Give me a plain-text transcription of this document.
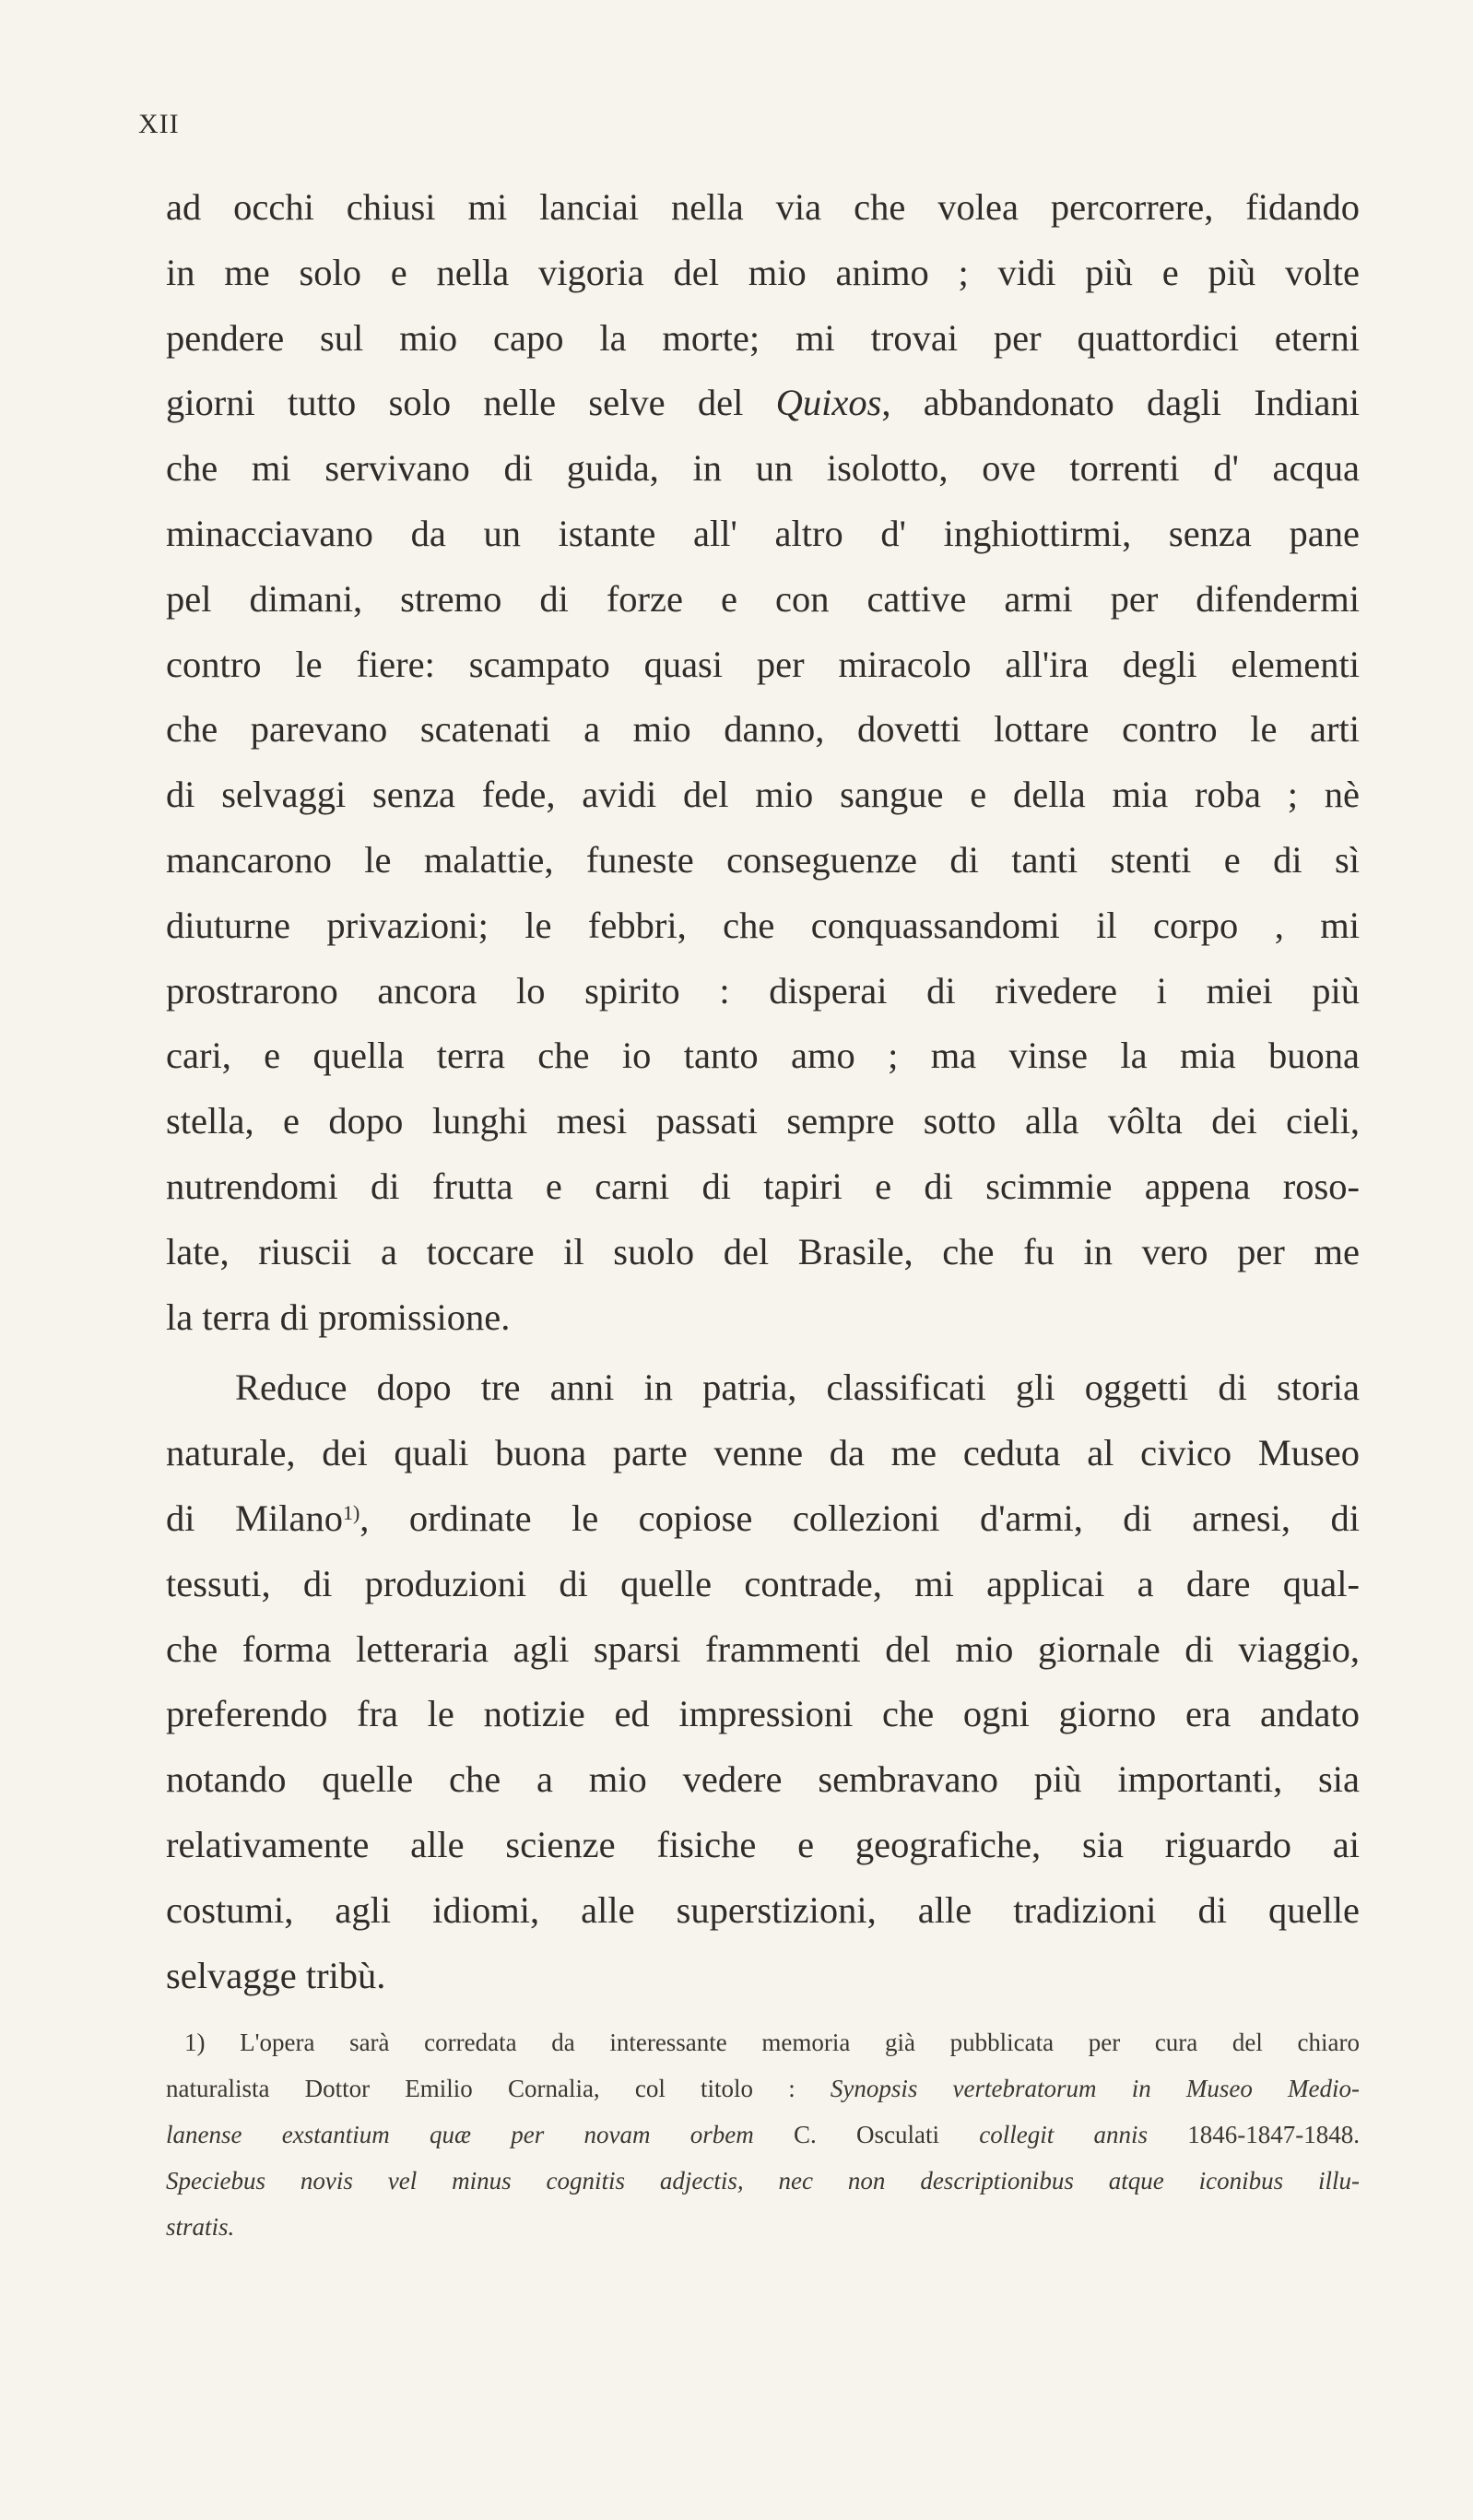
XII

ad occhi chiusi mi lanciai nella via che volea percorrere, fidando
in me solo e nella vigoria del mio animo ; vidi più e più volte
pendere sul mio capo la morte; mi trovai per quattordici eterni
giorni tutto solo nelle selve del Quixos, abbandonato dagli Indiani
che mi servivano di guida, in un isolotto, ove torrenti d' acqua
minacciavano da un istante all' altro d' inghiottirmi, senza pane
pel dimani, stremo di forze e con cattive armi per difendermi
contro le fiere: scampato quasi per miracolo all'ira degli elementi
che parevano scatenati a mio danno, dovetti lottare contro le arti
di selvaggi senza fede, avidi del mio sangue e della mia roba ; nè
mancarono le malattie, funeste conseguenze di tanti stenti e di sì
diuturne privazioni; le febbri, che conquassandomi il corpo , mi
prostrarono ancora lo spirito : disperai di rivedere i miei più
cari, e quella terra che io tanto amo ; ma vinse la mia buona
stella, e dopo lunghi mesi passati sempre sotto alla vôlta dei cieli,
nutrendomi di frutta e carni di tapiri e di scimmie appena roso-
late, riuscii a toccare il suolo del Brasile, che fu in vero per me
la terra di promissione.

Reduce dopo tre anni in patria, classificati gli oggetti di storia
naturale, dei quali buona parte venne da me ceduta al civico Museo
di Milano$^{1)}$, ordinate le copiose collezioni d'armi, di arnesi, di
tessuti, di produzioni di quelle contrade, mi applicai a dare qual-
che forma letteraria agli sparsi frammenti del mio giornale di viaggio,
preferendo fra le notizie ed impressioni che ogni giorno era andato
notando quelle che a mio vedere sembravano più importanti, sia
relativamente alle scienze fisiche e geografiche, sia riguardo ai
costumi, agli idiomi, alle superstizioni, alle tradizioni di quelle
selvagge tribù.

1) L'opera sarà corredata da interessante memoria già pubblicata per cura del chiaro
naturalista Dottor Emilio Cornalia, col titolo : Synopsis vertebratorum in Museo Medio-
lanense exstantium quæ per novam orbem C. Osculati collegit annis 1846-1847-1848.
Speciebus novis vel minus cognitis adjectis, nec non descriptionibus atque iconibus illu-
stratis.
